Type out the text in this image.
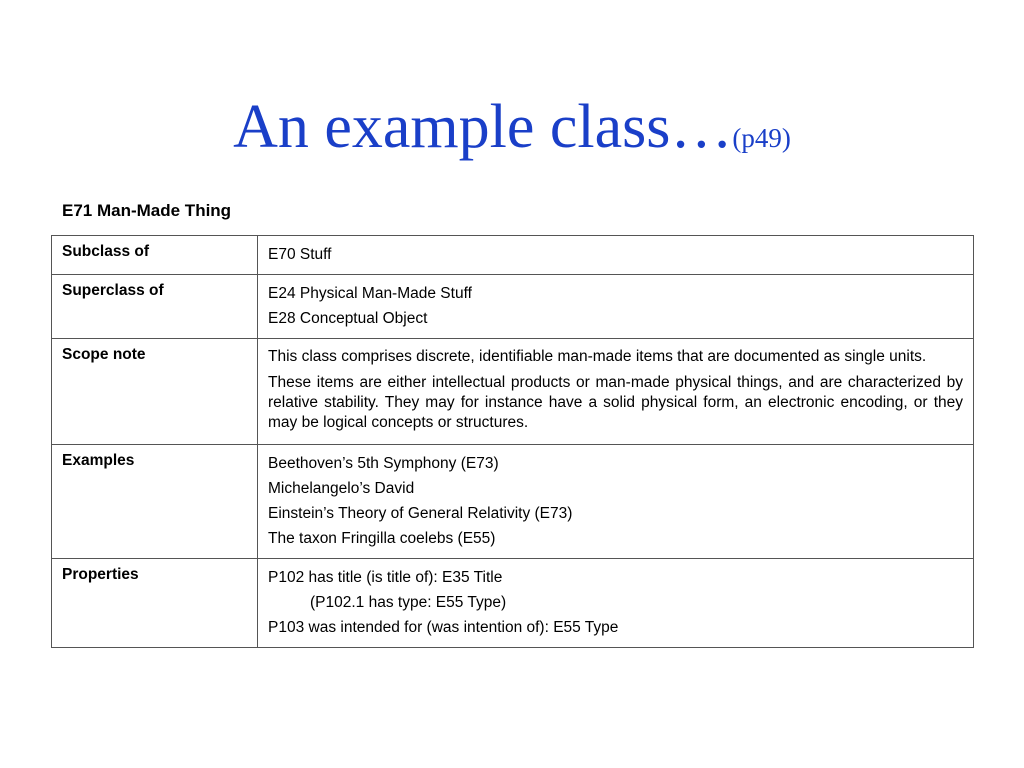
An example class…(p49)
E71 Man-Made Thing
Subclass of	E70 Stuff

Superclass of	E24 Physical Man-Made Stuff
E28 Conceptual Object

Scope note	This class comprises discrete, identifiable man-made items that are documented as single units.
These items are either intellectual products or man-made physical things, and are characterized by relative stability. They may for instance have a solid physical form, an electronic encoding, or they may be logical concepts or structures.

Examples	Beethoven’s 5th Symphony (E73)
Michelangelo’s David
Einstein’s Theory of General Relativity (E73)
The taxon Fringilla coelebs (E55)

Properties	P102 has title (is title of): E35 Title
(P102.1 has type: E55 Type)
P103 was intended for (was intention of): E55 Type
